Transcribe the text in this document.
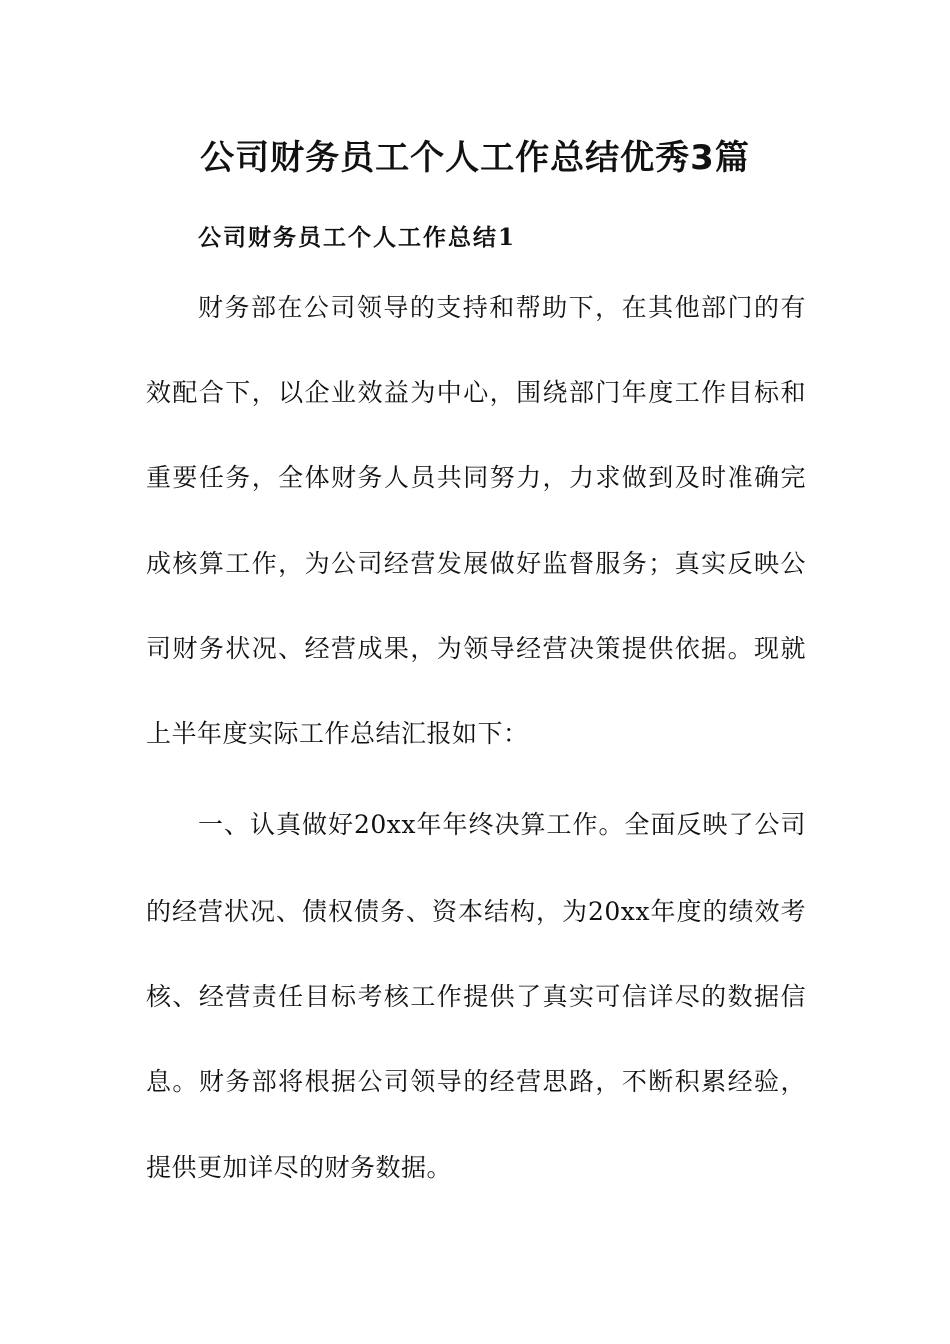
公司财务员工个人工作总结优秀3篇
公司财务员工个人工作总结1
财务部在公司领导的支持和帮助下，在其他部门的有
效配合下，以企业效益为中心，围绕部门年度工作目标和
重要任务，全体财务人员共同努力，力求做到及时准确完
成核算工作，为公司经营发展做好监督服务；真实反映公
司财务状况、经营成果，为领导经营决策提供依据。现就
上半年度实际工作总结汇报如下：
一、认真做好20xx年年终决算工作。全面反映了公司
的经营状况、债权债务、资本结构，为20xx年度的绩效考
核、经营责任目标考核工作提供了真实可信详尽的数据信
息。财务部将根据公司领导的经营思路，不断积累经验，
提供更加详尽的财务数据。
